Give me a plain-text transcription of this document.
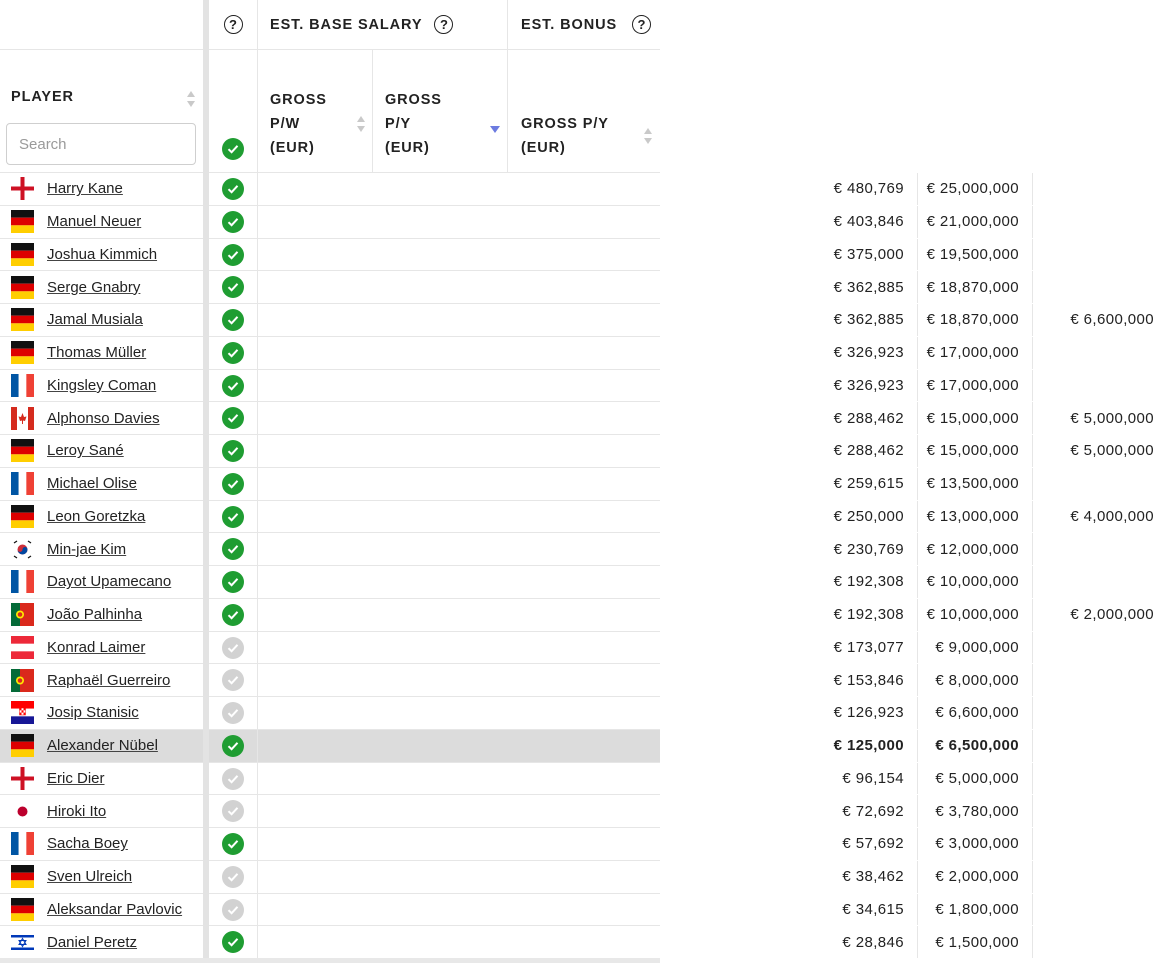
?	EST. BASE SALARY	?	EST. BONUS	?
PLAYER
Search	GROSS
P/W
(EUR)
GROSS
P/Y
(EUR)
GROSS P/Y
(EUR)
Harry Kane	€ 480,769	€ 25,000,000
Manuel Neuer	€ 403,846	€ 21,000,000
Joshua Kimmich	€ 375,000	€ 19,500,000
Serge Gnabry	€ 362,885	€ 18,870,000
Jamal Musiala	€ 362,885	€ 18,870,000	€ 6,600,000
Thomas Müller	€ 326,923	€ 17,000,000
Kingsley Coman	€ 326,923	€ 17,000,000
Alphonso Davies	€ 288,462	€ 15,000,000	€ 5,000,000
Leroy Sané	€ 288,462	€ 15,000,000	€ 5,000,000
Michael Olise	€ 259,615	€ 13,500,000
Leon Goretzka	€ 250,000	€ 13,000,000	€ 4,000,000
Min-jae Kim	€ 230,769	€ 12,000,000
Dayot Upamecano	€ 192,308	€ 10,000,000
João Palhinha	€ 192,308	€ 10,000,000	€ 2,000,000
Konrad Laimer	€ 173,077	€ 9,000,000
Raphaël Guerreiro	€ 153,846	€ 8,000,000
Josip Stanisic	€ 126,923	€ 6,600,000
Alexander Nübel	€ 125,000	€ 6,500,000
Eric Dier	€ 96,154	€ 5,000,000
Hiroki Ito	€ 72,692	€ 3,780,000
Sacha Boey	€ 57,692	€ 3,000,000
Sven Ulreich	€ 38,462	€ 2,000,000
Aleksandar Pavlovic	€ 34,615	€ 1,800,000
Daniel Peretz	€ 28,846	€ 1,500,000
